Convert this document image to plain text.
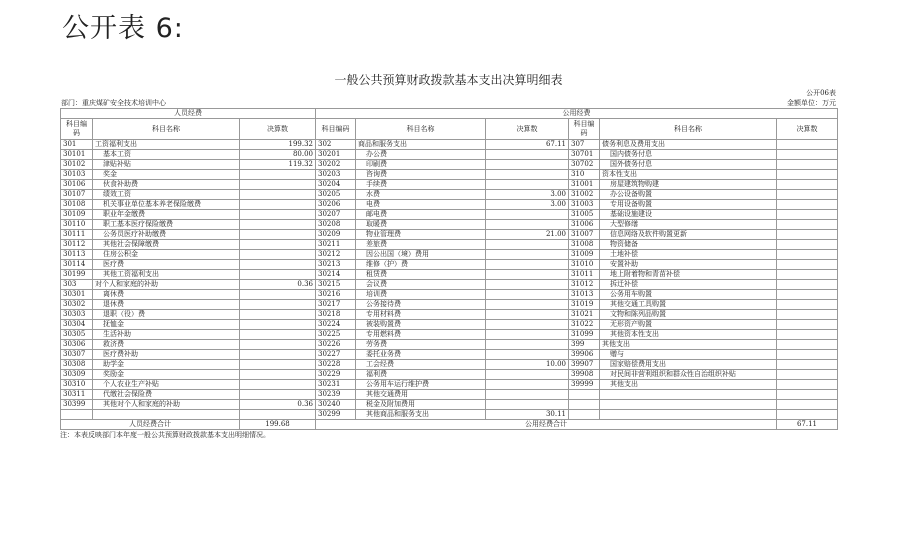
公开表 6:
一般公共预算财政拨款基本支出决算明细表
公开06表
部门：重庆煤矿安全技术培训中心	金额单位：万元
人员经费			公用经费					
科目编码	科目名称	决算数	科目编码	科目名称	决算数	科目编码	科目名称	决算数
301	工资福利支出	199.32	302	商品和服务支出	67.11	307	债务利息及费用支出	
30101	基本工资	80.00	30201	办公费		30701	国内债务付息	
30102	津贴补贴	119.32	30202	印刷费		30702	国外债务付息	
30103	奖金		30203	咨询费		310	资本性支出	
30106	伙食补助费		30204	手续费		31001	房屋建筑物购建	
30107	绩效工资		30205	水费	3.00	31002	办公设备购置	
30108	机关事业单位基本养老保险缴费		30206	电费	3.00	31003	专用设备购置	
30109	职业年金缴费		30207	邮电费		31005	基础设施建设	
30110	职工基本医疗保险缴费		30208	取暖费		31006	大型修缮	
30111	公务员医疗补助缴费		30209	物业管理费	21.00	31007	信息网络及软件购置更新	
30112	其他社会保障缴费		30211	差旅费		31008	物资储备	
30113	住房公积金		30212	因公出国（境）费用		31009	土地补偿	
30114	医疗费		30213	维修（护）费		31010	安置补助	
30199	其他工资福利支出		30214	租赁费		31011	地上附着物和青苗补偿	
303	对个人和家庭的补助	0.36	30215	会议费		31012	拆迁补偿	
30301	离休费		30216	培训费		31013	公务用车购置	
30302	退休费		30217	公务接待费		31019	其他交通工具购置	
30303	退职（役）费		30218	专用材料费		31021	文物和陈列品购置	
30304	抚恤金		30224	被装购置费		31022	无形资产购置	
30305	生活补助		30225	专用燃料费		31099	其他资本性支出	
30306	救济费		30226	劳务费		399	其他支出	
30307	医疗费补助		30227	委托业务费		39906	赠与	
30308	助学金		30228	工会经费	10.00	39907	国家赔偿费用支出	
30309	奖励金		30229	福利费		39908	对民间非营利组织和群众性自治组织补贴	
30310	个人农业生产补贴		30231	公务用车运行维护费		39999	其他支出	
30311	代缴社会保险费		30239	其他交通费用				
30399	其他对个人和家庭的补助	0.36	30240	税金及附加费用				
			30299	其他商品和服务支出	30.11			
人员经费合计		199.68	公用经费合计					67.11
注：本表反映部门本年度一般公共预算财政拨款基本支出明细情况。
